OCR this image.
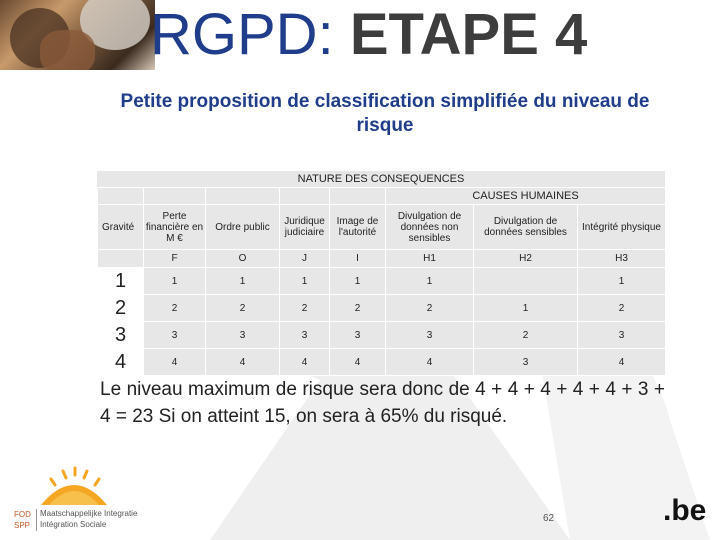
RGPD: ETAPE 4
Petite proposition de classification simplifiée du niveau de risque
NATURE DES CONSEQUENCES
					CAUSES HUMAINES		
Gravité	Perte financière en M €	Ordre public	Juridique judiciaire	Image de l'autorité	Divulgation de données non sensibles	Divulgation de données sensibles	Intégrité physique
	F	O	J	I	H1	H2	H3
1	1	1	1	1	1		1
2	2	2	2	2	2	1	2
3	3	3	3	3	3	2	3
4	4	4	4	4	4	3	4
Le niveau maximum de risque sera donc de 4 + 4 + 4 + 4 + 4 + 3 + 4 = 23 Si on atteint 15, on sera à 65% du risqué.
FOD
SPP
Maatschappelijke Integratie
Intégration Sociale
62	.be
